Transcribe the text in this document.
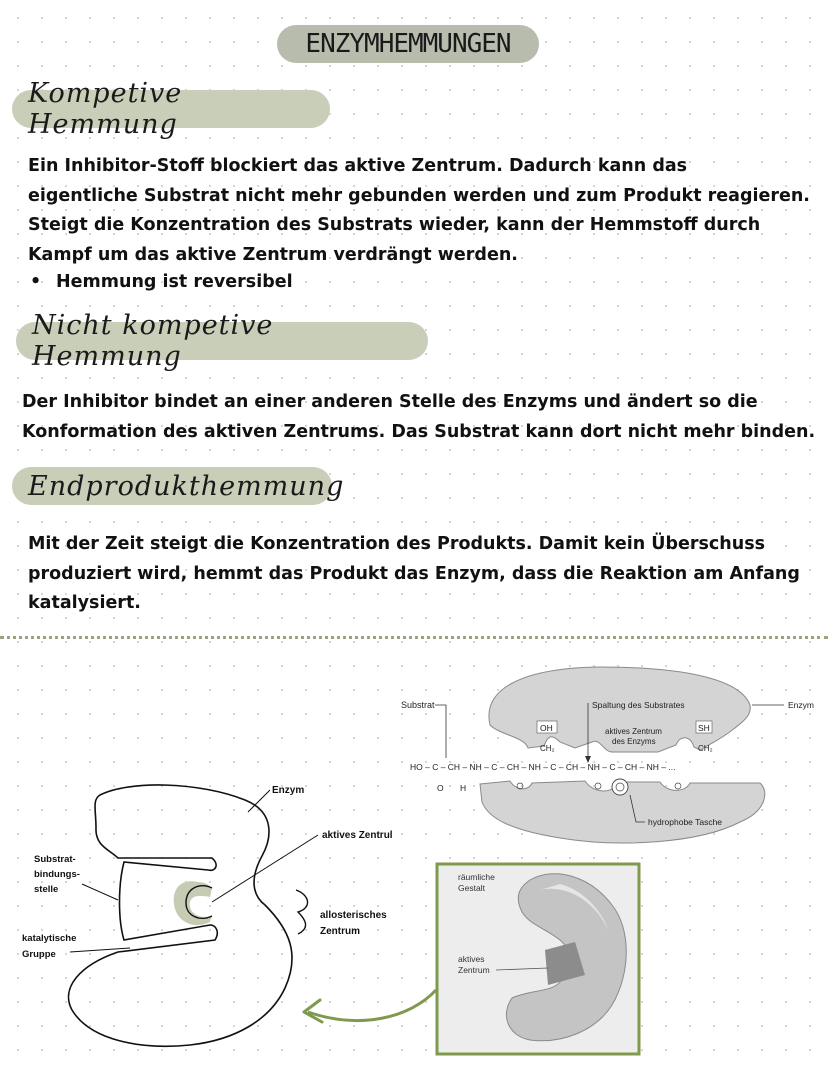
ENZYMHEMMUNGEN
Kompetive Hemmung
Ein Inhibitor-Stoff blockiert das aktive Zentrum. Dadurch kann das
eigentliche Substrat nicht mehr gebunden werden und zum Produkt reagieren.
Steigt die Konzentration des Substrats wieder, kann der Hemmstoff durch
Kampf um das aktive Zentrum verdrängt werden.
• Hemmung ist reversibel
Nicht kompetive Hemmung
Der Inhibitor bindet an einer anderen Stelle des Enzyms und ändert so die
Konformation des aktiven Zentrums. Das Substrat kann dort nicht mehr binden.
Endprodukthemmung
Mit der Zeit steigt die Konzentration des Produkts. Damit kein Überschuss
produziert wird, hemmt das Produkt das Enzym, dass die Reaktion am Anfang
katalysiert.
Substrat	Spaltung des Substrates	Enzym
OH
CH₂
SH
CH₂
aktives Zentrum
des Enzyms
HO – C – CH – NH – C – CH – NH – C – CH – NH – C – CH – NH – ...
O H
hydrophobe Tasche
Enzym
aktives Zentrul
Substrat-
bindungs-
stelle
allosterisches
Zentrum
katalytische
Gruppe
räumliche
Gestalt
aktives
Zentrum
